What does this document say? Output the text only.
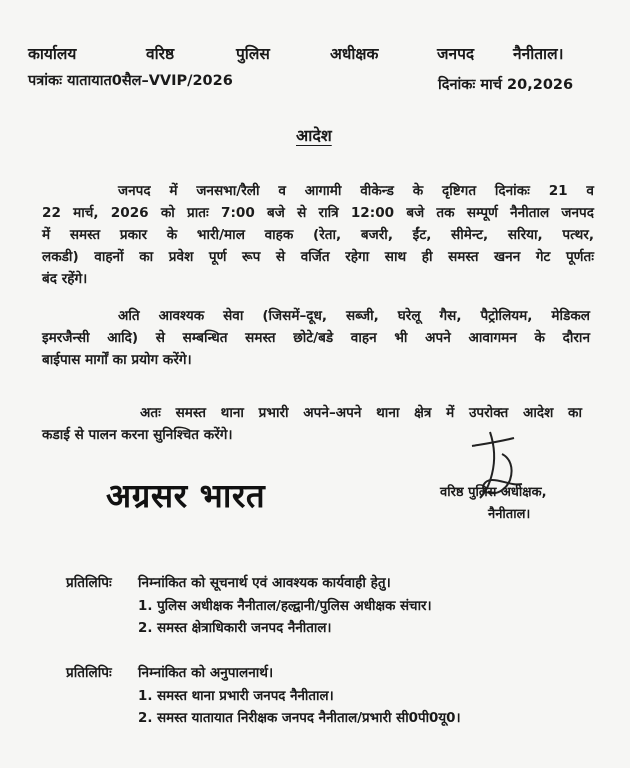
कार्यालय	वरिष्ठ	पुलिस	अधीक्षक	जनपद	नैनीताल।
पत्रांकः यातायात0सैल–VVIP/2026	दिनांकः मार्च 20,2026
आदेश
जनपद में जनसभा/रैली व आगामी वीकेन्ड के दृष्टिगत दिनांकः 21 व
22 मार्च, 2026 को प्रातः 7:00 बजे से रात्रि 12:00 बजे तक सम्पूर्ण नैनीताल जनपद
में समस्त प्रकार के भारी/माल वाहक (रेता, बजरी, ईंट, सीमेन्ट, सरिया, पत्थर,
लकडी) वाहनों का प्रवेश पूर्ण रूप से वर्जित रहेगा साथ ही समस्त खनन गेट पूर्णतः
बंद रहेंगे।
अति आवश्यक सेवा (जिसमें–दूध, सब्जी, घरेलू गैस, पैट्रोलियम, मेडिकल
इमरजैन्सी आदि) से सम्बन्धित समस्त छोटे/बडे वाहन भी अपने आवागमन के दौरान
बाईपास मार्गों का प्रयोग करेंगे।
अतः समस्त थाना प्रभारी अपने–अपने थाना क्षेत्र में उपरोक्त आदेश का
कडाई से पालन करना सुनिश्चित करेंगे।
अग्रसर भारत	वरिष्ठ पुलिस अधीक्षक,
नैनीताल।
प्रतिलिपिः निम्नांकित को सूचनार्थ एवं आवश्यक कार्यवाही हेतु।
1. पुलिस अधीक्षक नैनीताल/हल्द्वानी/पुलिस अधीक्षक संचार।
2. समस्त क्षेत्राधिकारी जनपद नैनीताल।
प्रतिलिपिः निम्नांकित को अनुपालनार्थ।
1. समस्त थाना प्रभारी जनपद नैनीताल।
2. समस्त यातायात निरीक्षक जनपद नैनीताल/प्रभारी सी0पी0यू0।
